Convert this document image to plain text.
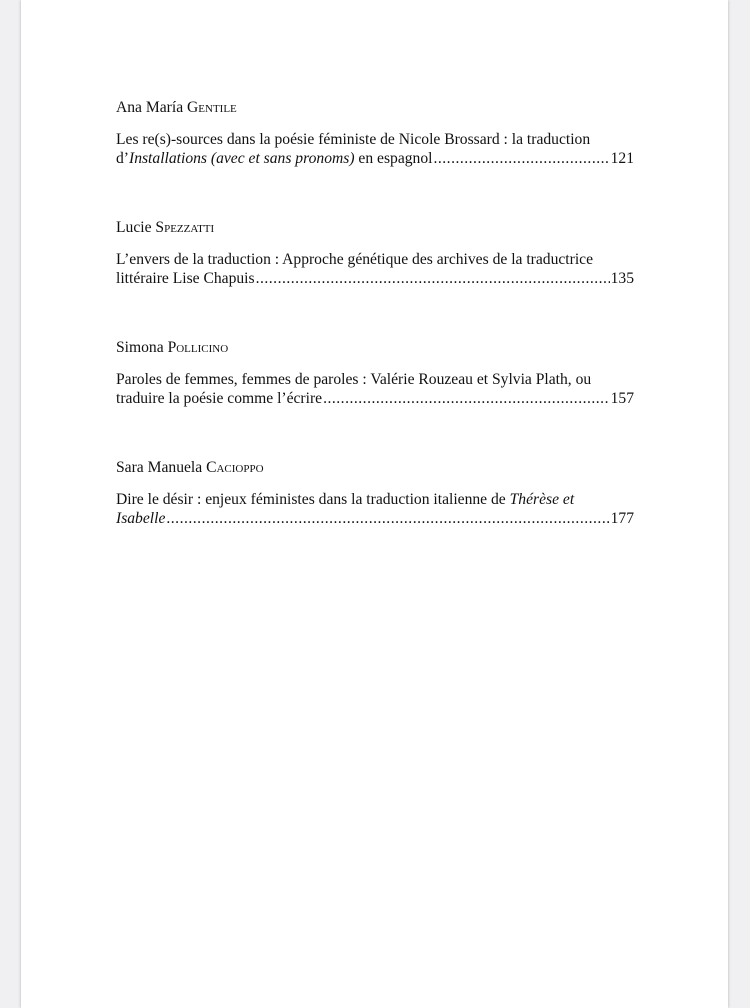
Ana María Gentile

Les re(s)-sources dans la poésie féministe de Nicole Brossard : la traduction
d’Installations (avec et sans pronoms) en espagnol .....	121

Lucie Spezzatti

L’envers de la traduction : Approche génétique des archives de la traductrice
littéraire Lise Chapuis .....	135

Simona Pollicino

Paroles de femmes, femmes de paroles : Valérie Rouzeau et Sylvia Plath, ou
traduire la poésie comme l’écrire .....	157

Sara Manuela Cacioppo

Dire le désir : enjeux féministes dans la traduction italienne de Thérèse et
Isabelle .....	177
